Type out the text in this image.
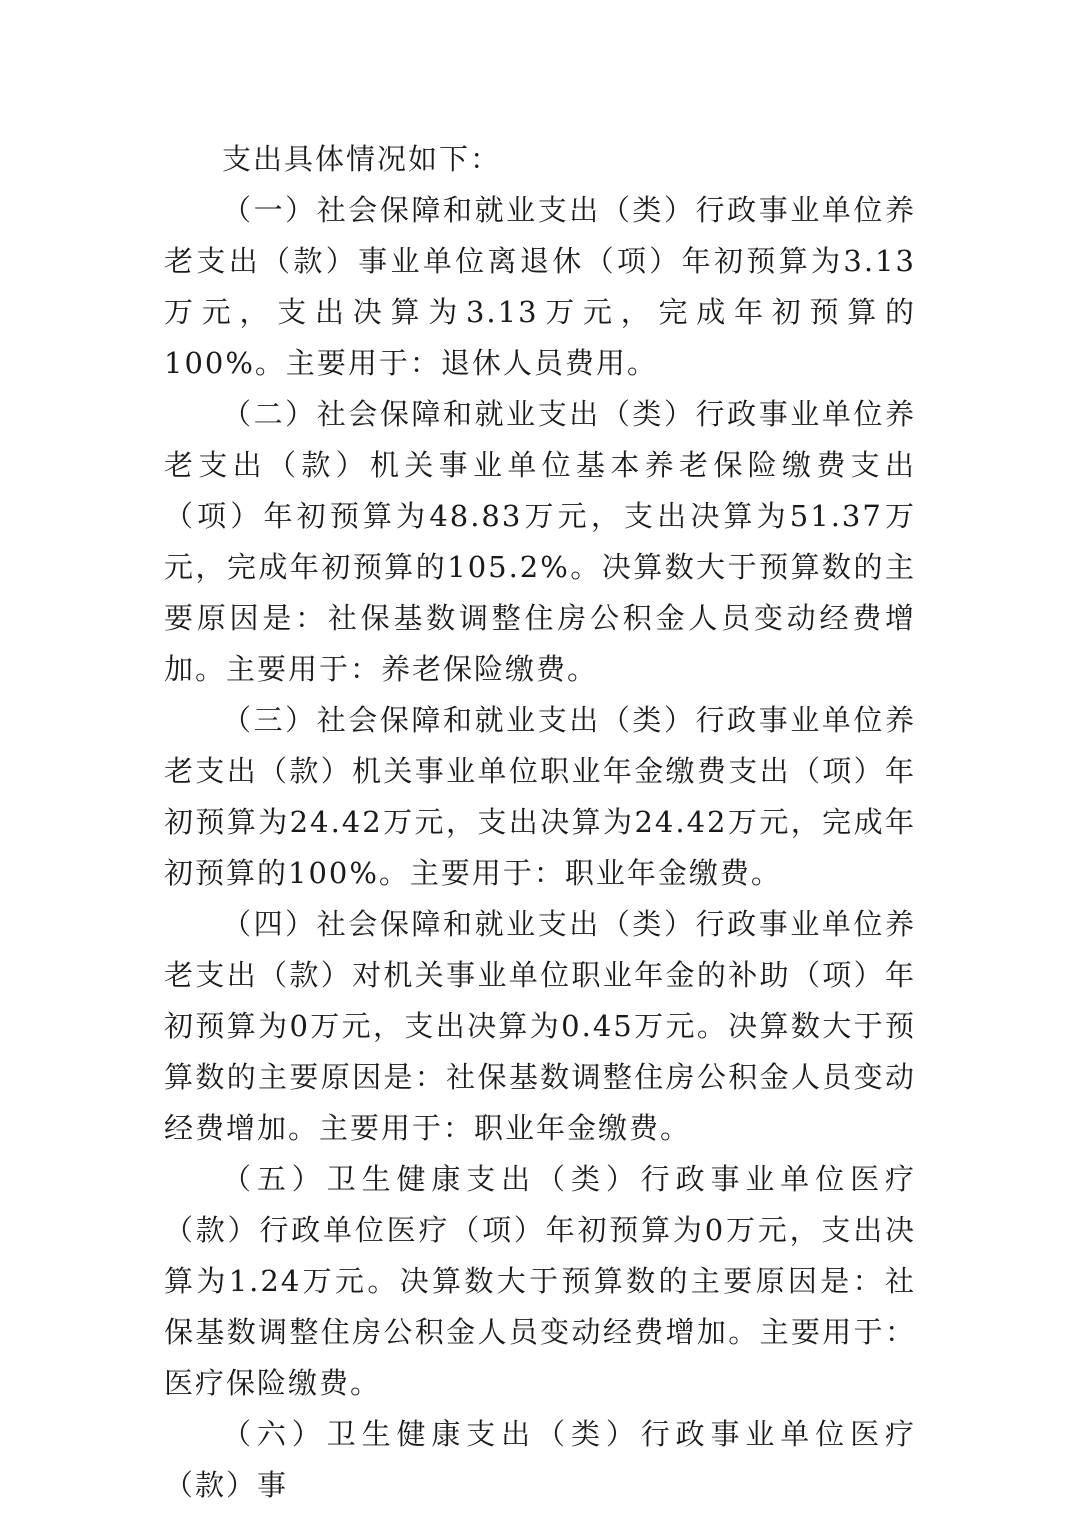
支出具体情况如下：

（一）社会保障和就业支出（类）行政事业单位养老支出（款）事业单位离退休（项）年初预算为3.13万元，支出决算为3.13万元，完成年初预算的100%。主要用于：退休人员费用。

（二）社会保障和就业支出（类）行政事业单位养老支出（款）机关事业单位基本养老保险缴费支出（项）年初预算为48.83万元，支出决算为51.37万元，完成年初预算的105.2%。决算数大于预算数的主要原因是：社保基数调整住房公积金人员变动经费增加。主要用于：养老保险缴费。

（三）社会保障和就业支出（类）行政事业单位养老支出（款）机关事业单位职业年金缴费支出（项）年初预算为24.42万元，支出决算为24.42万元，完成年初预算的100%。主要用于：职业年金缴费。

（四）社会保障和就业支出（类）行政事业单位养老支出（款）对机关事业单位职业年金的补助（项）年初预算为0万元，支出决算为0.45万元。决算数大于预算数的主要原因是：社保基数调整住房公积金人员变动经费增加。主要用于：职业年金缴费。

（五）卫生健康支出（类）行政事业单位医疗（款）行政单位医疗（项）年初预算为0万元，支出决算为1.24万元。决算数大于预算数的主要原因是：社保基数调整住房公积金人员变动经费增加。主要用于：医疗保险缴费。

（六）卫生健康支出（类）行政事业单位医疗（款）事
